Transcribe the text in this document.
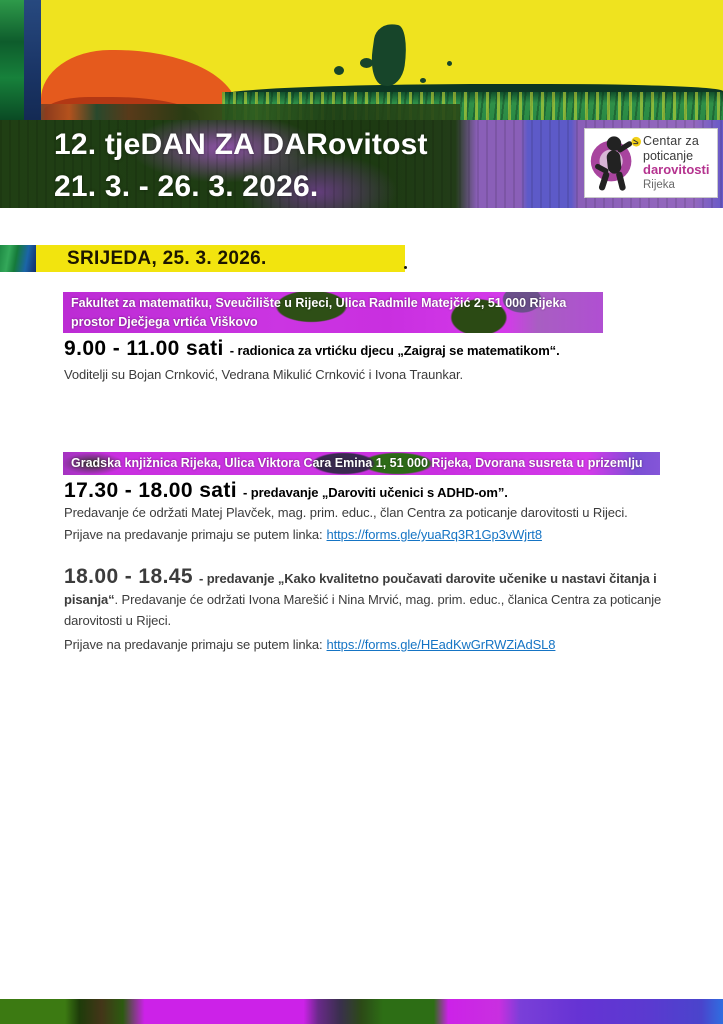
12. tjeDAN ZA DARovitost
21. 3. - 26. 3. 2026.
Centar za
poticanje
darovitosti
Rijeka
SRIJEDA, 25. 3. 2026.
Fakultet za matematiku, Sveučilište u Rijeci, Ulica Radmile Matejčić 2, 51 000 Rijeka
prostor Dječjega vrtića Viškovo
9.00 - 11.00 sati - radionica za vrtićku djecu „Zaigraj se matematikom“.
Voditelji su Bojan Crnković, Vedrana Mikulić Crnković i Ivona Traunkar.
Gradska knjižnica Rijeka, Ulica Viktora Cara Emina 1, 51 000 Rijeka, Dvorana susreta u prizemlju
17.30 - 18.00 sati - predavanje „Daroviti učenici s ADHD-om”.
Predavanje će održati Matej Plavček, mag. prim. educ., član Centra za poticanje darovitosti u Rijeci.
Prijave na predavanje primaju se putem linka: https://forms.gle/yuaRq3R1Gp3vWjrt8
18.00 - 18.45 - predavanje „Kako kvalitetno poučavati darovite učenike u nastavi čitanja i pisanja“. Predavanje će održati Ivona Marešić i Nina Mrvić, mag. prim. educ., članica Centra za poticanje darovitosti u Rijeci.
Prijave na predavanje primaju se putem linka: https://forms.gle/HEadKwGrRWZiAdSL8
